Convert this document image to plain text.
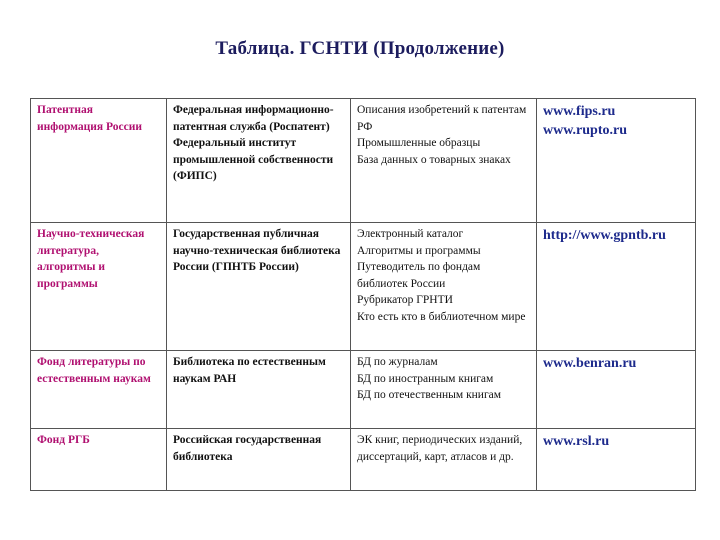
Таблица. ГСНТИ (Продолжение)
Патентная информация России	Федеральная информационно-патентная служба (Роспатент) Федеральный институт промышленной собственности (ФИПС)	Описания изобретений к патентам РФ
Промышленные образцы
База данных о товарных знаках	www.fips.ru
www.rupto.ru

Научно-техническая литература, алгоритмы и программы	Государственная публичная научно-техническая библиотека России (ГПНТБ России)	Электронный каталог
Алгоритмы и программы
Путеводитель по фондам библиотек России
Рубрикатор ГРНТИ
Кто есть кто в библиотечном мире	http://www.gpntb.ru

Фонд литературы по естественным наукам	Библиотека по естественным наукам РАН	БД по журналам
БД по иностранным книгам
БД по отечественным книгам	www.benran.ru

Фонд РГБ	Российская государственная библиотека	ЭК книг, периодических изданий, диссертаций, карт, атласов и др.	www.rsl.ru
